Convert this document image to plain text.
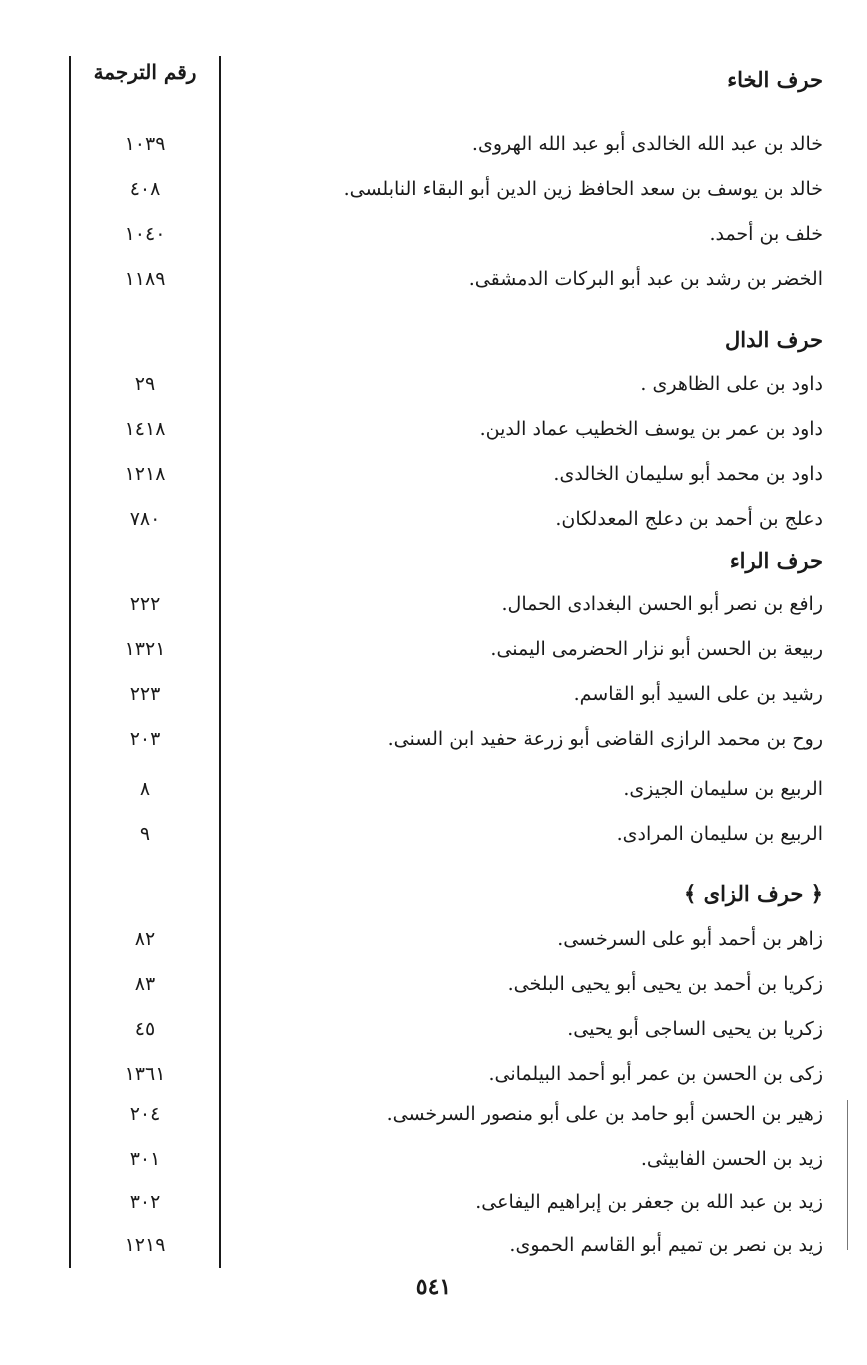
رقم الترجمة	حرف الخاء
خالد بن عبد الله الخالدى أبو عبد الله الهروى.
١٠٣٩
خالد بن يوسف بن سعد الحافظ زين الدين أبو البقاء النابلسى.
٤٠٨
خلف بن أحمد.
١٠٤٠
الخضر بن رشد بن عبد أبو البركات الدمشقى.
١١٨٩
حرف الدال
داود بن على الظاهرى .
٢٩
داود بن عمر بن يوسف الخطيب عماد الدين.
١٤١٨
داود بن محمد أبو سليمان الخالدى.
١٢١٨
دعلج بن أحمد بن دعلج المعدلكان.
٧٨٠
حرف الراء
رافع بن نصر أبو الحسن البغدادى الحمال.
٢٢٢
ربيعة بن الحسن أبو نزار الحضرمى اليمنى.
١٣٢١
رشيد بن على السيد أبو القاسم.
٢٢٣
روح بن محمد الرازى القاضى أبو زرعة حفيد ابن السنى.
٢٠٣
الربيع بن سليمان الجيزى.
٨
الربيع بن سليمان المرادى.
٩
﴿ حرف الزاى ﴾
زاهر بن أحمد أبو على السرخسى.
٨٢
زكريا بن أحمد بن يحيى أبو يحيى البلخى.
٨٣
زكريا بن يحيى الساجى أبو يحيى.
٤٥
زكى بن الحسن بن عمر أبو أحمد البيلمانى.
١٣٦١
زهير بن الحسن أبو حامد بن على أبو منصور السرخسى.
٢٠٤
زيد بن الحسن الفابيثى.
٣٠١
زيد بن عبد الله بن جعفر بن إبراهيم اليفاعى.
٣٠٢
زيد بن نصر بن تميم أبو القاسم الحموى.
١٢١٩
٥٤١
